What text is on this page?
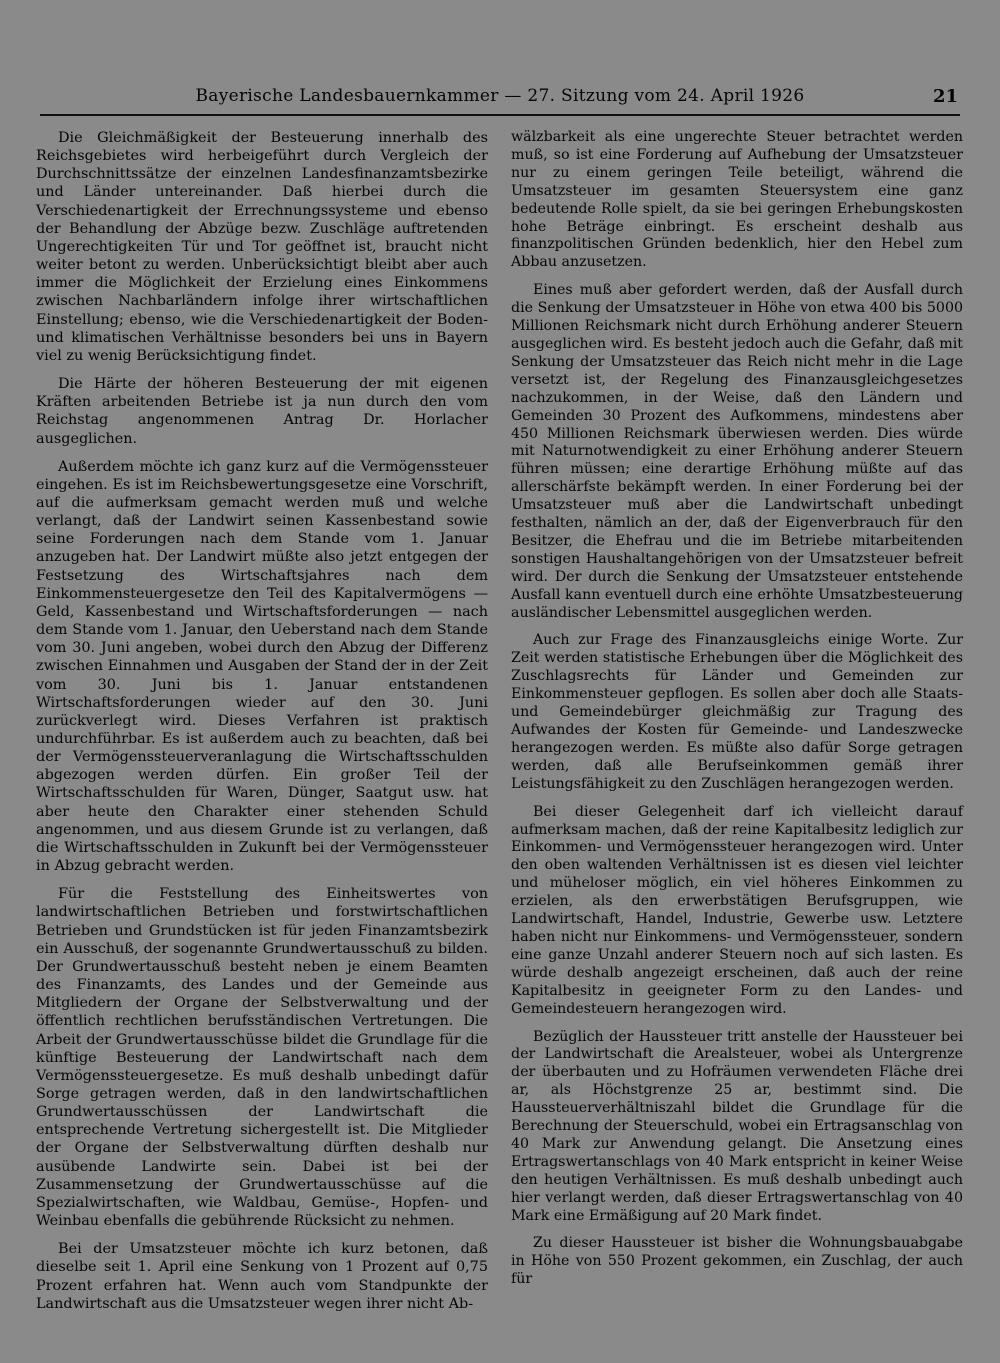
Bayerische Landesbauernkammer — 27. Sitzung vom 24. April 1926	21

Die Gleichmäßigkeit der Besteuerung innerhalb des Reichsgebietes wird herbeigeführt durch Vergleich der Durchschnittssätze der einzelnen Landesfinanzamtsbezirke und Länder untereinander. Daß hierbei durch die Verschiedenartigkeit der Errechnungssysteme und ebenso der Behandlung der Abzüge bezw. Zuschläge auftretenden Ungerechtigkeiten Tür und Tor geöffnet ist, braucht nicht weiter betont zu werden. Unberücksichtigt bleibt aber auch immer die Möglichkeit der Erzielung eines Einkommens zwischen Nachbarländern infolge ihrer wirtschaftlichen Einstellung; ebenso, wie die Verschiedenartigkeit der Boden- und klimatischen Verhältnisse besonders bei uns in Bayern viel zu wenig Berücksichtigung findet.

Die Härte der höheren Besteuerung der mit eigenen Kräften arbeitenden Betriebe ist ja nun durch den vom Reichstag angenommenen Antrag Dr. Horlacher ausgeglichen.

Außerdem möchte ich ganz kurz auf die Vermögenssteuer eingehen. Es ist im Reichsbewertungsgesetze eine Vorschrift, auf die aufmerksam gemacht werden muß und welche verlangt, daß der Landwirt seinen Kassenbestand sowie seine Forderungen nach dem Stande vom 1. Januar anzugeben hat. Der Landwirt müßte also jetzt entgegen der Festsetzung des Wirtschaftsjahres nach dem Einkommensteuergesetze den Teil des Kapitalvermögens — Geld, Kassenbestand und Wirtschaftsforderungen — nach dem Stande vom 1. Januar, den Ueberstand nach dem Stande vom 30. Juni angeben, wobei durch den Abzug der Differenz zwischen Einnahmen und Ausgaben der Stand der in der Zeit vom 30. Juni bis 1. Januar entstandenen Wirtschaftsforderungen wieder auf den 30. Juni zurückverlegt wird. Dieses Verfahren ist praktisch undurchführbar. Es ist außerdem auch zu beachten, daß bei der Vermögenssteuerveranlagung die Wirtschaftsschulden abgezogen werden dürfen. Ein großer Teil der Wirtschaftsschulden für Waren, Dünger, Saatgut usw. hat aber heute den Charakter einer stehenden Schuld angenommen, und aus diesem Grunde ist zu verlangen, daß die Wirtschaftsschulden in Zukunft bei der Vermögenssteuer in Abzug gebracht werden.

Für die Feststellung des Einheitswertes von landwirtschaftlichen Betrieben und forstwirtschaftlichen Betrieben und Grundstücken ist für jeden Finanzamtsbezirk ein Ausschuß, der sogenannte Grundwertausschuß zu bilden. Der Grundwertausschuß besteht neben je einem Beamten des Finanzamts, des Landes und der Gemeinde aus Mitgliedern der Organe der Selbstverwaltung und der öffentlich rechtlichen berufsständischen Vertretungen. Die Arbeit der Grundwertausschüsse bildet die Grundlage für die künftige Besteuerung der Landwirtschaft nach dem Vermögenssteuergesetze. Es muß deshalb unbedingt dafür Sorge getragen werden, daß in den landwirtschaftlichen Grundwertausschüssen der Landwirtschaft die entsprechende Vertretung sichergestellt ist. Die Mitglieder der Organe der Selbstverwaltung dürften deshalb nur ausübende Landwirte sein. Dabei ist bei der Zusammensetzung der Grundwertausschüsse auf die Spezialwirtschaften, wie Waldbau, Gemüse-, Hopfen- und Weinbau ebenfalls die gebührende Rücksicht zu nehmen.

Bei der Umsatzsteuer möchte ich kurz betonen, daß dieselbe seit 1. April eine Senkung von 1 Prozent auf 0,75 Prozent erfahren hat. Wenn auch vom Standpunkte der Landwirtschaft aus die Umsatzsteuer wegen ihrer nicht Ab-

wälzbarkeit als eine ungerechte Steuer betrachtet werden muß, so ist eine Forderung auf Aufhebung der Umsatzsteuer nur zu einem geringen Teile beteiligt, während die Umsatzsteuer im gesamten Steuersystem eine ganz bedeutende Rolle spielt, da sie bei geringen Erhebungskosten hohe Beträge einbringt. Es erscheint deshalb aus finanzpolitischen Gründen bedenklich, hier den Hebel zum Abbau anzusetzen.

Eines muß aber gefordert werden, daß der Ausfall durch die Senkung der Umsatzsteuer in Höhe von etwa 400 bis 5000 Millionen Reichsmark nicht durch Erhöhung anderer Steuern ausgeglichen wird. Es besteht jedoch auch die Gefahr, daß mit Senkung der Umsatzsteuer das Reich nicht mehr in die Lage versetzt ist, der Regelung des Finanzausgleichgesetzes nachzukommen, in der Weise, daß den Ländern und Gemeinden 30 Prozent des Aufkommens, mindestens aber 450 Millionen Reichsmark überwiesen werden. Dies würde mit Naturnotwendigkeit zu einer Erhöhung anderer Steuern führen müssen; eine derartige Erhöhung müßte auf das allerschärfste bekämpft werden. In einer Forderung bei der Umsatzsteuer muß aber die Landwirtschaft unbedingt festhalten, nämlich an der, daß der Eigenverbrauch für den Besitzer, die Ehefrau und die im Betriebe mitarbeitenden sonstigen Haushaltangehörigen von der Umsatzsteuer befreit wird. Der durch die Senkung der Umsatzsteuer entstehende Ausfall kann eventuell durch eine erhöhte Umsatzbesteuerung ausländischer Lebensmittel ausgeglichen werden.

Auch zur Frage des Finanzausgleichs einige Worte. Zur Zeit werden statistische Erhebungen über die Möglichkeit des Zuschlagsrechts für Länder und Gemeinden zur Einkommensteuer gepflogen. Es sollen aber doch alle Staats- und Gemeindebürger gleichmäßig zur Tragung des Aufwandes der Kosten für Gemeinde- und Landeszwecke herangezogen werden. Es müßte also dafür Sorge getragen werden, daß alle Berufseinkommen gemäß ihrer Leistungsfähigkeit zu den Zuschlägen herangezogen werden.

Bei dieser Gelegenheit darf ich vielleicht darauf aufmerksam machen, daß der reine Kapitalbesitz lediglich zur Einkommen- und Vermögenssteuer herangezogen wird. Unter den oben waltenden Verhältnissen ist es diesen viel leichter und müheloser möglich, ein viel höheres Einkommen zu erzielen, als den erwerbstätigen Berufsgruppen, wie Landwirtschaft, Handel, Industrie, Gewerbe usw. Letztere haben nicht nur Einkommens- und Vermögenssteuer, sondern eine ganze Unzahl anderer Steuern noch auf sich lasten. Es würde deshalb angezeigt erscheinen, daß auch der reine Kapitalbesitz in geeigneter Form zu den Landes- und Gemeindesteuern herangezogen wird.

Bezüglich der Haussteuer tritt anstelle der Haussteuer bei der Landwirtschaft die Arealsteuer, wobei als Untergrenze der überbauten und zu Hofräumen verwendeten Fläche drei ar, als Höchstgrenze 25 ar, bestimmt sind. Die Haussteuerverhältniszahl bildet die Grundlage für die Berechnung der Steuerschuld, wobei ein Ertragsanschlag von 40 Mark zur Anwendung gelangt. Die Ansetzung eines Ertragswertanschlags von 40 Mark entspricht in keiner Weise den heutigen Verhältnissen. Es muß deshalb unbedingt auch hier verlangt werden, daß dieser Ertragswertanschlag von 40 Mark eine Ermäßigung auf 20 Mark findet.

Zu dieser Haussteuer ist bisher die Wohnungsbauabgabe in Höhe von 550 Prozent gekommen, ein Zuschlag, der auch für
